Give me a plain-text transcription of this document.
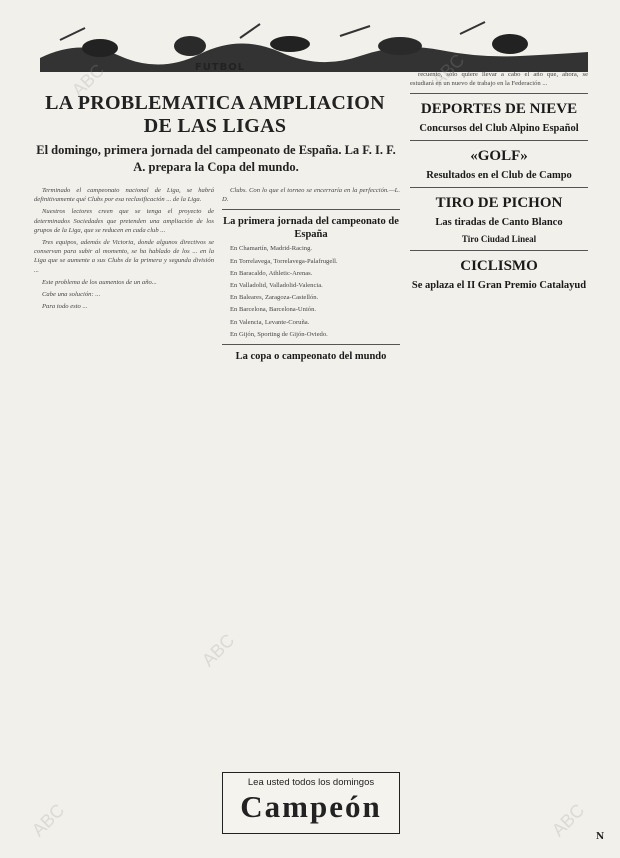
FUTBOL
LA PROBLEMATICA AMPLIACION DE LAS LIGAS
El domingo, primera jornada del campeonato de España. La F. I. F. A. prepara la Copa del mundo.

Terminado el campeonato nacional de Liga, se habrá definitivamente qué Clubs por esa reclasificación ... de la Liga.

Nuestros lectores creen que se tenga el proyecto de determinados Sociedades que pretenden una ampliación de los grupos de la Liga, que se reducen en cada club ...

Tres equipos, además de Victoria, donde algunos directivos se conservan para subir al momento, se ha hablado de los ... en la Liga que se aumente a sus Clubs de la primera y segunda división ...

Este problema de los aumentos de un año...

Cabe una solución: ...

Para todo esto ...

Clubs. Con lo que el torneo se encerraría en la perfección.—L. D.

La primera jornada del campeonato de España

En Chamartín, Madrid-Racing.

En Torrelavega, Torrelavega-Palafrugell.

En Baracaldo, Athletic-Arenas.

En Valladolid, Valladolid-Valencia.

En Baleares, Zaragoza-Castellón.

En Barcelona, Barcelona-Unión.

En Valencia, Levante-Coruña.

En Gijón, Sporting de Gijón-Oviedo.

La copa o campeonato del mundo
Lea usted todos los domingos
Campeón

recuento, sólo quiere llevar a cabo el año que, ahora, se estudiará en un nuevo de trabajo en la Federación ...

DEPORTES DE NIEVE
Concursos del Club Alpino Español
«GOLF»
Resultados en el Club de Campo
TIRO DE PICHON
Las tiradas de Canto Blanco
Tiro Ciudad Lineal
CICLISMO
Se aplaza el II Gran Premio Catalayud
ABC	ABC
ABC
ABC	ABC N
